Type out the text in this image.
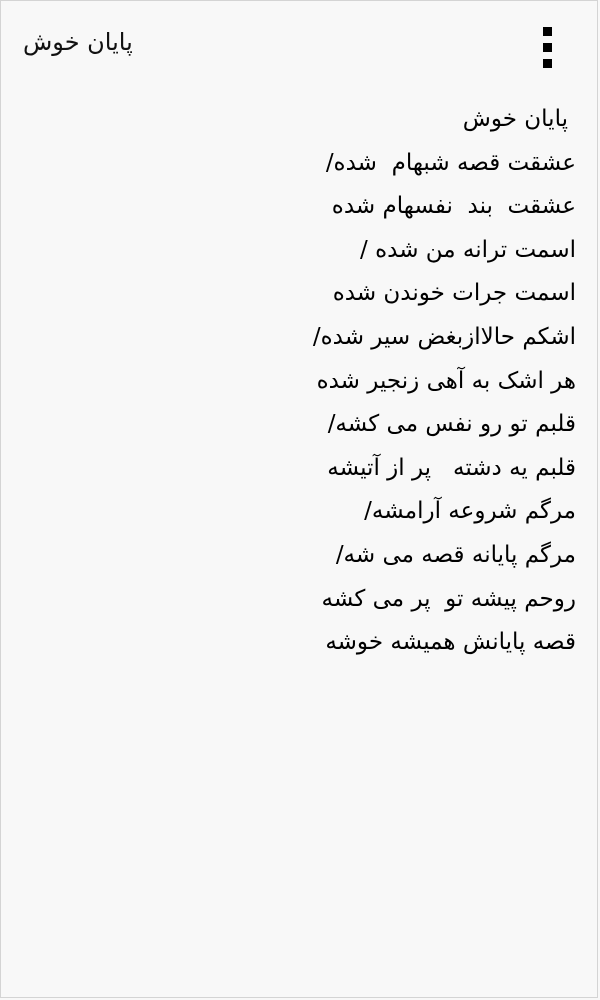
پایان خوش
پایان خوش
عشقت قصه شبهام  شده/
عشقت  بند  نفسهام شده
اسمت ترانه من شده /
اسمت جرات خوندن شده
اشکم حالاازبغض سیر شده/
هر اشک به آهی زنجیر شده
قلبم تو رو نفس می کشه/
قلبم یه دشته   پر از آتیشه
مرگم شروعه آرامشه/
مرگم پایانه قصه می شه/
روحم پیشه تو  پر می کشه
قصه پایانش همیشه خوشه
